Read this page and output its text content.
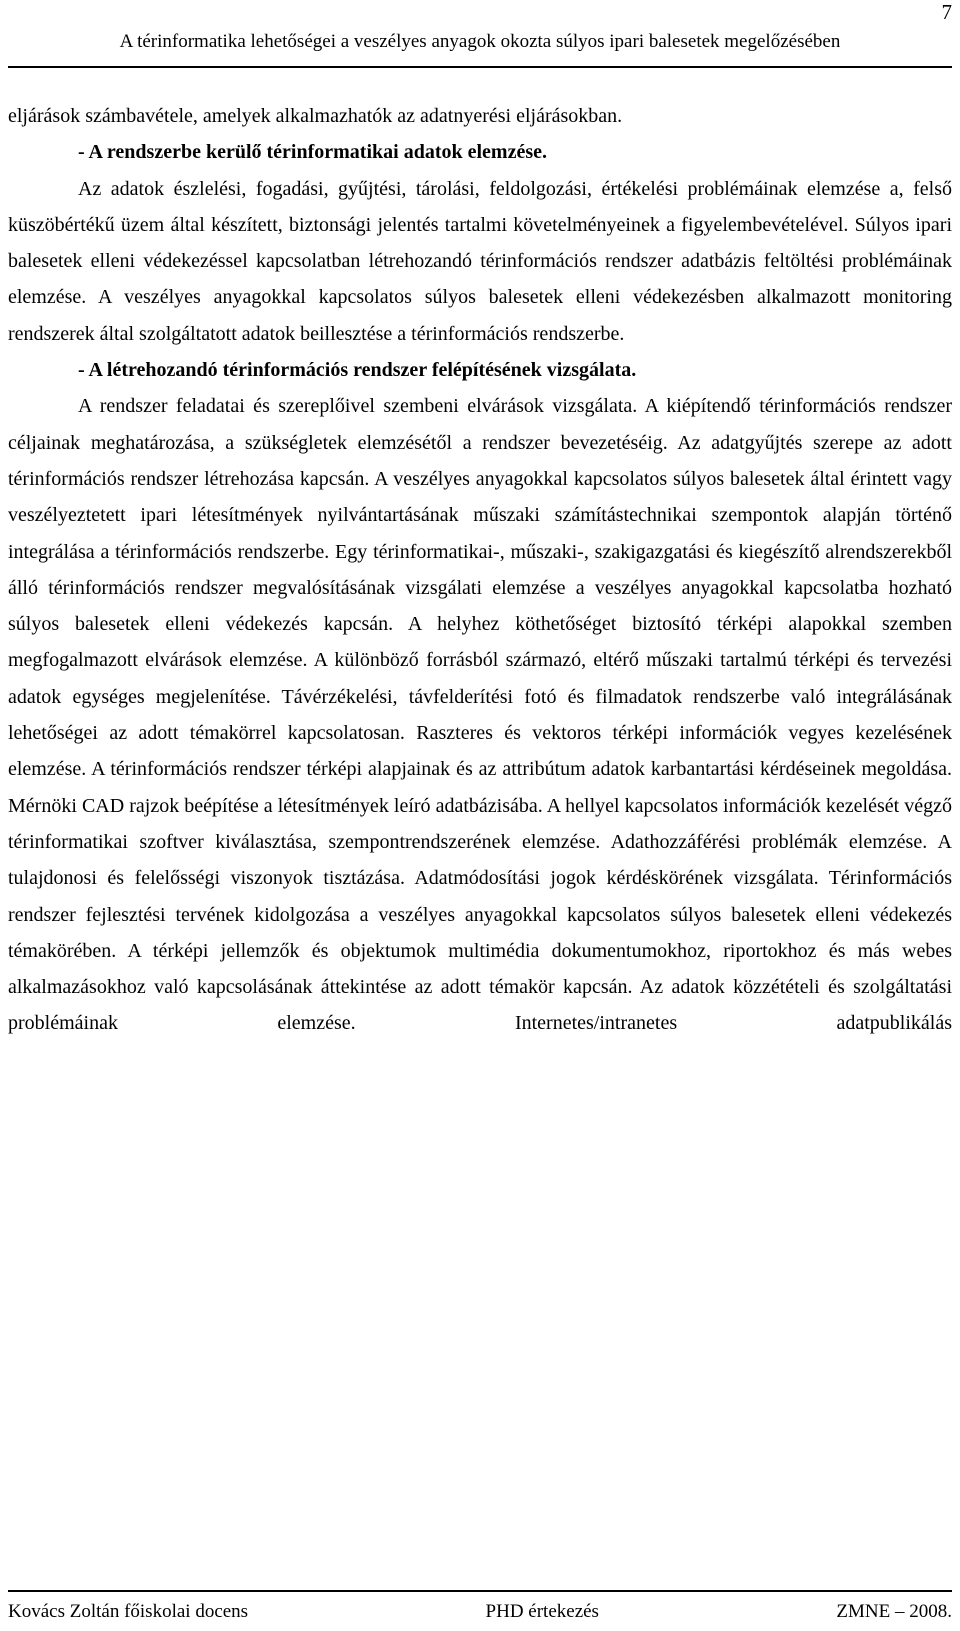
7
A térinformatika lehetőségei a veszélyes anyagok okozta súlyos ipari balesetek megelőzésében

eljárások számbavétele, amelyek alkalmazhatók az adatnyerési eljárásokban.

- A rendszerbe kerülő térinformatikai adatok elemzése.

Az adatok észlelési, fogadási, gyűjtési, tárolási, feldolgozási, értékelési problémáinak elemzése a, felső küszöbértékű üzem által készített, biztonsági jelentés tartalmi követelményeinek a figyelembevételével. Súlyos ipari balesetek elleni védekezéssel kapcsolatban létrehozandó térinformációs rendszer adatbázis feltöltési problémáinak elemzése. A veszélyes anyagokkal kapcsolatos súlyos balesetek elleni védekezésben alkalmazott monitoring rendszerek által szolgáltatott adatok beillesztése a térinformációs rendszerbe.

- A létrehozandó térinformációs rendszer felépítésének vizsgálata.

A rendszer feladatai és szereplőivel szembeni elvárások vizsgálata. A kiépítendő térinformációs rendszer céljainak meghatározása, a szükségletek elemzésétől a rendszer bevezetéséig. Az adatgyűjtés szerepe az adott térinformációs rendszer létrehozása kapcsán. A veszélyes anyagokkal kapcsolatos súlyos balesetek által érintett vagy veszélyeztetett ipari létesítmények nyilvántartásának műszaki számítástechnikai szempontok alapján történő integrálása a térinformációs rendszerbe. Egy térinformatikai-, műszaki-, szakigazgatási és kiegészítő alrendszerekből álló térinformációs rendszer megvalósításának vizsgálati elemzése a veszélyes anyagokkal kapcsolatba hozható súlyos balesetek elleni védekezés kapcsán. A helyhez köthetőséget biztosító térképi alapokkal szemben megfogalmazott elvárások elemzése. A különböző forrásból származó, eltérő műszaki tartalmú térképi és tervezési adatok egységes megjelenítése. Távérzékelési, távfelderítési fotó és filmadatok rendszerbe való integrálásának lehetőségei az adott témakörrel kapcsolatosan. Raszteres és vektoros térképi információk vegyes kezelésének elemzése. A térinformációs rendszer térképi alapjainak és az attribútum adatok karbantartási kérdéseinek megoldása. Mérnöki CAD rajzok beépítése a létesítmények leíró adatbázisába. A hellyel kapcsolatos információk kezelését végző térinformatikai szoftver kiválasztása, szempontrendszerének elemzése. Adathozzáférési problémák elemzése. A tulajdonosi és felelősségi viszonyok tisztázása. Adatmódosítási jogok kérdéskörének vizsgálata. Térinformációs rendszer fejlesztési tervének kidolgozása a veszélyes anyagokkal kapcsolatos súlyos balesetek elleni védekezés témakörében. A térképi jellemzők és objektumok multimédia dokumentumokhoz, riportokhoz és más webes alkalmazásokhoz való kapcsolásának áttekintése az adott témakör kapcsán. Az adatok közzétételi és szolgáltatási problémáinak elemzése. Internetes/intranetes adatpublikálás

Kovács Zoltán főiskolai docens	PHD értekezés	ZMNE – 2008.
